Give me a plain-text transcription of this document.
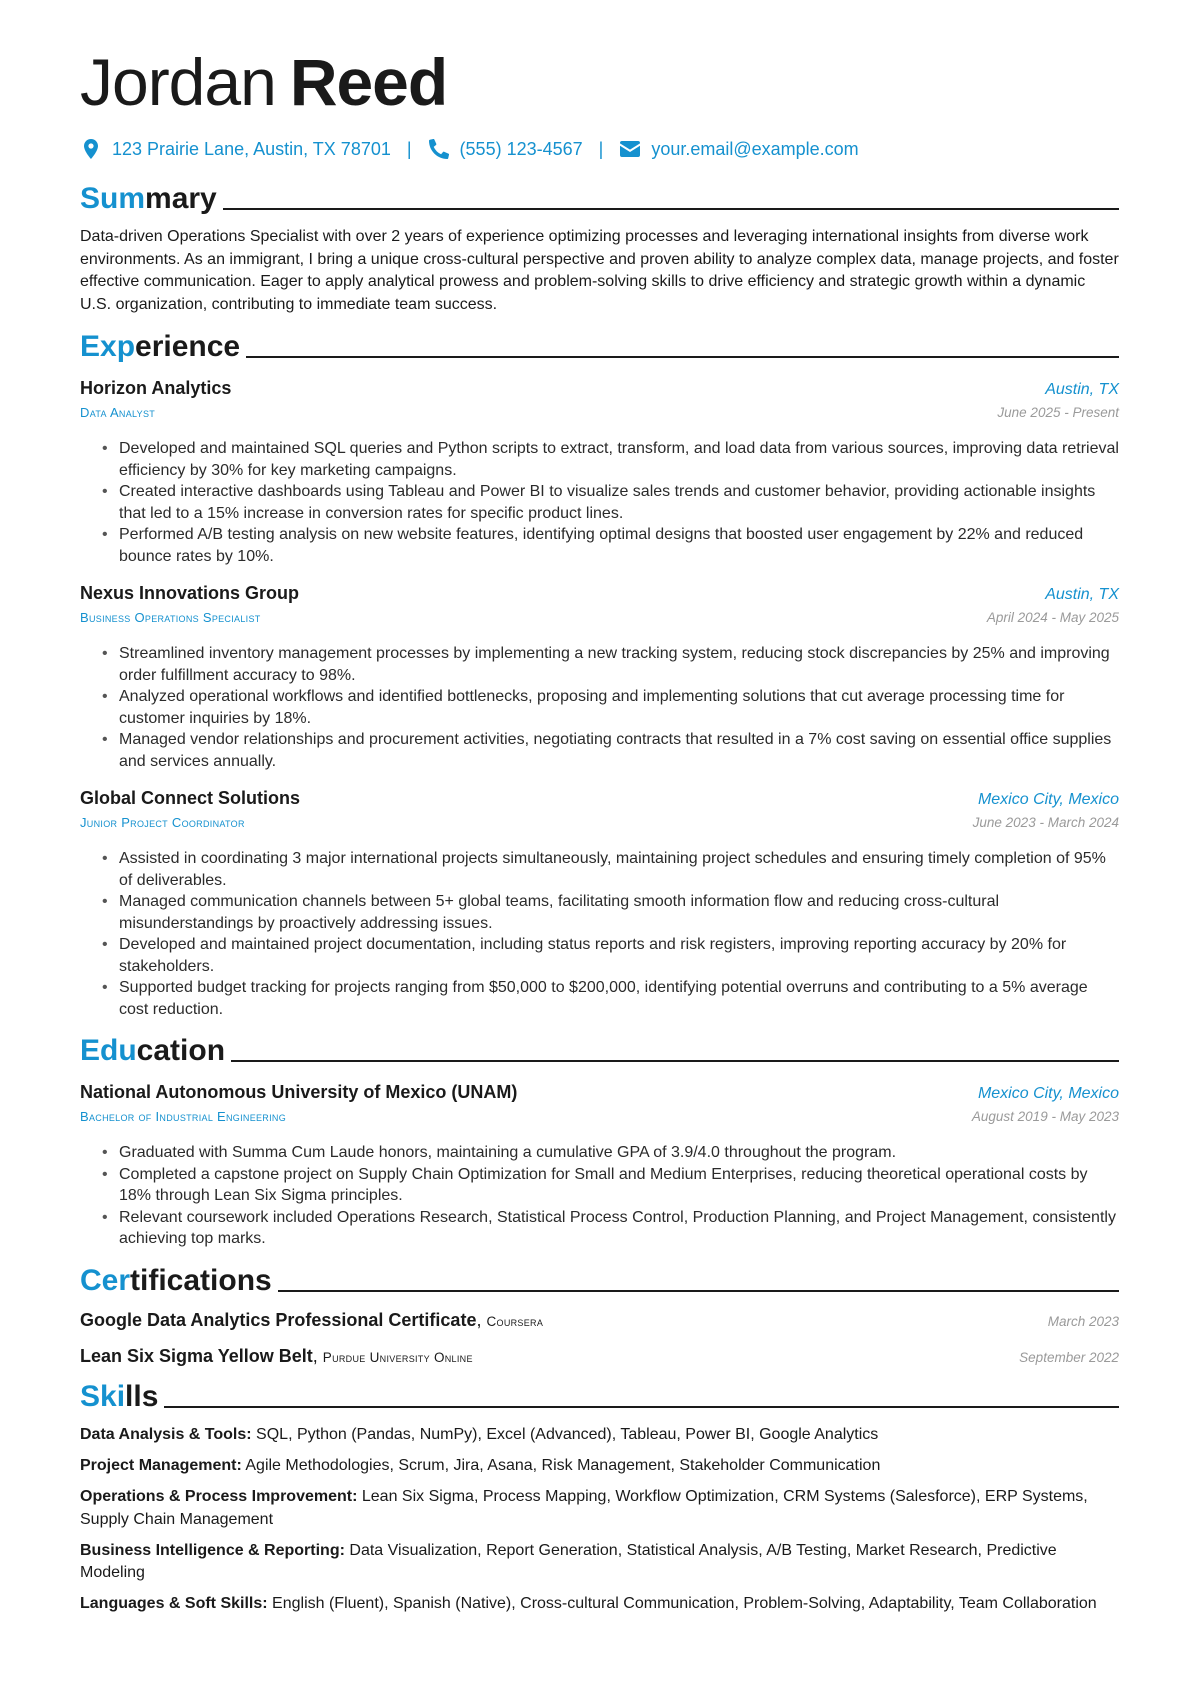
Jordan Reed
123 Prairie Lane, Austin, TX 78701 |	(555) 123-4567 |	your.email@example.com
Summary

Data-driven Operations Specialist with over 2 years of experience optimizing processes and leveraging international insights from diverse work environments. As an immigrant, I bring a unique cross-cultural perspective and proven ability to analyze complex data, manage projects, and foster effective communication. Eager to apply analytical prowess and problem-solving skills to drive efficiency and strategic growth within a dynamic U.S. organization, contributing to immediate team success.

Experience
Horizon Analytics	Austin, TX
Data Analyst	June 2025 - Present
• Developed and maintained SQL queries and Python scripts to extract, transform, and load data from various sources, improving data retrieval efficiency by 30% for key marketing campaigns.
• Created interactive dashboards using Tableau and Power BI to visualize sales trends and customer behavior, providing actionable insights that led to a 15% increase in conversion rates for specific product lines.
• Performed A/B testing analysis on new website features, identifying optimal designs that boosted user engagement by 22% and reduced bounce rates by 10%.
Nexus Innovations Group	Austin, TX
Business Operations Specialist	April 2024 - May 2025
• Streamlined inventory management processes by implementing a new tracking system, reducing stock discrepancies by 25% and improving order fulfillment accuracy to 98%.
• Analyzed operational workflows and identified bottlenecks, proposing and implementing solutions that cut average processing time for customer inquiries by 18%.
• Managed vendor relationships and procurement activities, negotiating contracts that resulted in a 7% cost saving on essential office supplies and services annually.
Global Connect Solutions	Mexico City, Mexico
Junior Project Coordinator	June 2023 - March 2024
• Assisted in coordinating 3 major international projects simultaneously, maintaining project schedules and ensuring timely completion of 95% of deliverables.
• Managed communication channels between 5+ global teams, facilitating smooth information flow and reducing cross-cultural misunderstandings by proactively addressing issues.
• Developed and maintained project documentation, including status reports and risk registers, improving reporting accuracy by 20% for stakeholders.
• Supported budget tracking for projects ranging from $50,000 to $200,000, identifying potential overruns and contributing to a 5% average cost reduction.
Education
National Autonomous University of Mexico (UNAM)	Mexico City, Mexico
Bachelor of Industrial Engineering	August 2019 - May 2023
• Graduated with Summa Cum Laude honors, maintaining a cumulative GPA of 3.9/4.0 throughout the program.
• Completed a capstone project on Supply Chain Optimization for Small and Medium Enterprises, reducing theoretical operational costs by 18% through Lean Six Sigma principles.
• Relevant coursework included Operations Research, Statistical Process Control, Production Planning, and Project Management, consistently achieving top marks.
Certifications
Google Data Analytics Professional Certificate, Coursera	March 2023
Lean Six Sigma Yellow Belt, Purdue University Online	September 2022
Skills

Data Analysis & Tools: SQL, Python (Pandas, NumPy), Excel (Advanced), Tableau, Power BI, Google Analytics

Project Management: Agile Methodologies, Scrum, Jira, Asana, Risk Management, Stakeholder Communication

Operations & Process Improvement: Lean Six Sigma, Process Mapping, Workflow Optimization, CRM Systems (Salesforce), ERP Systems, Supply Chain Management

Business Intelligence & Reporting: Data Visualization, Report Generation, Statistical Analysis, A/B Testing, Market Research, Predictive Modeling

Languages & Soft Skills: English (Fluent), Spanish (Native), Cross-cultural Communication, Problem-Solving, Adaptability, Team Collaboration
